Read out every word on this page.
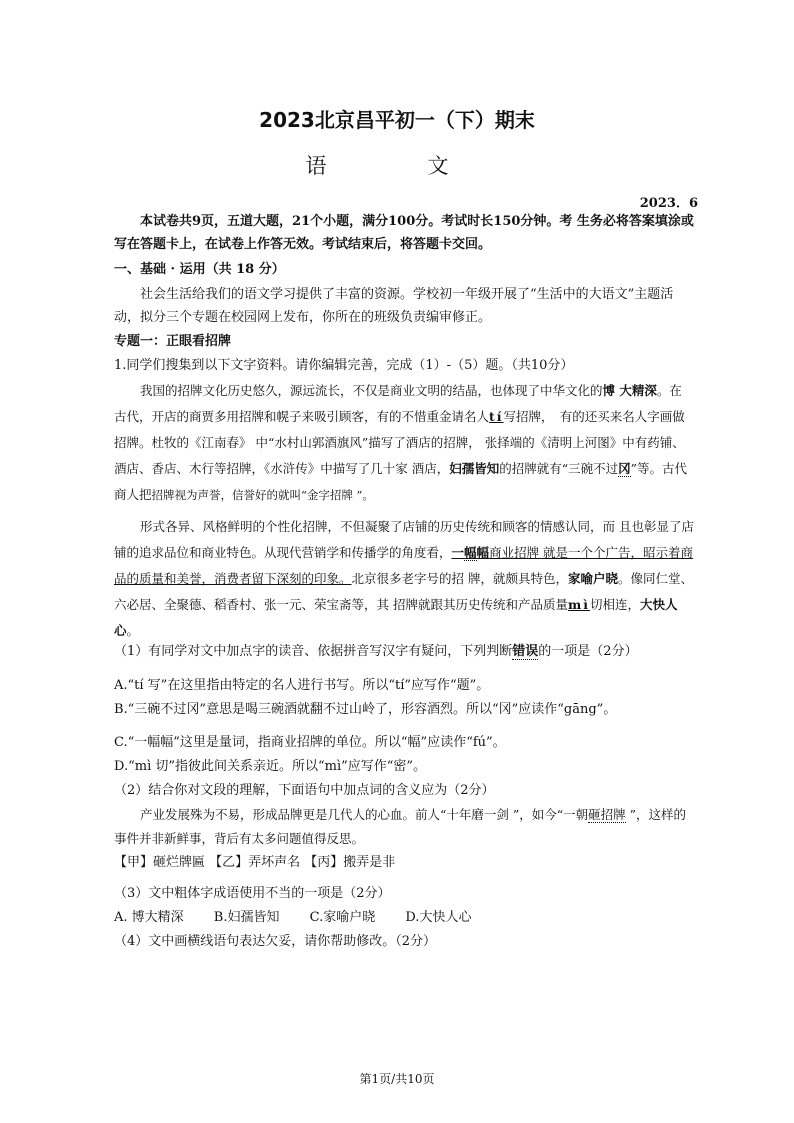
2023北京昌平初一（下）期末
语　文
2023．6
本试卷共9页，五道大题，21个小题，满分100分。考试时长150分钟。考 生务必将答案填涂或写在答题卡上，在试卷上作答无效。考试结束后，将答题卡交回。
一、基础 · 运用（共 18 分）
社会生活给我们的语文学习提供了丰富的资源。学校初一年级开展了“生活中的大语文”主题活动，拟分三个专题在校园网上发布，你所在的班级负责编审修正。
专题一：正眼看招牌
1.同学们搜集到以下文字资料。请你编辑完善，完成（1）-（5）题。（共10分）
我国的招牌文化历史悠久，源远流长，不仅是商业文明的结晶，也体现了中华文化的博 大精深。在古代，开店的商贾多用招牌和幌子来吸引顾客，有的不惜重金请名人tí写招牌，　有的还买来名人字画做招牌。杜牧的《江南春》 中“水村山郭酒旗风”描写了酒店的招牌， 张择端的《清明上河图》中有药铺、酒店、香店、木行等招牌，《水浒传》中描写了几十家 酒店，妇孺皆知的招牌就有“三碗不过冈”等。古代商人把招牌视为声誉，信誉好的就叫“金字招牌 ”。
形式各异、风格鲜明的个性化招牌，不但凝聚了店铺的历史传统和顾客的情感认同，而 且也彰显了店铺的追求品位和商业特色。从现代营销学和传播学的角度看，一幅幅商业招牌 就是一个个广告，昭示着商品的质量和美誉，消费者留下深刻的印象。北京很多老字号的招 牌，就颇具特色，家喻户晓。像同仁堂、六必居、全聚德、稻香村、张一元、荣宝斋等，其 招牌就跟其历史传统和产品质量mì切相连，大快人心。
（1）有同学对文中加点字的读音、依据拼音写汉字有疑问，下列判断错误的一项是（2分）
A.“tí 写”在这里指由特定的名人进行书写。所以“tí”应写作“题”。
B.“三碗不过冈”意思是喝三碗酒就翻不过山岭了，形容酒烈。所以“冈”应读作“gāng”。
C.“一幅幅”这里是量词，指商业招牌的单位。所以“幅”应读作“fú”。
D.“mì 切”指彼此间关系亲近。所以“mì”应写作“密”。
（2）结合你对文段的理解，下面语句中加点词的含义应为（2分）
产业发展殊为不易，形成品牌更是几代人的心血。前人“十年磨一剑 ”，如今“一朝砸招牌 ”，这样的事件并非新鲜事，背后有太多问题值得反思。
【甲】砸烂牌匾 【乙】弄坏声名 【丙】搬弄是非
（3）文中粗体字成语使用不当的一项是（2分）
A. 博大精深　　 B.妇孺皆知　　 C.家喻户晓　　 D.大快人心
（4）文中画横线语句表达欠妥，请你帮助修改。（2分）
第1页/共10页
